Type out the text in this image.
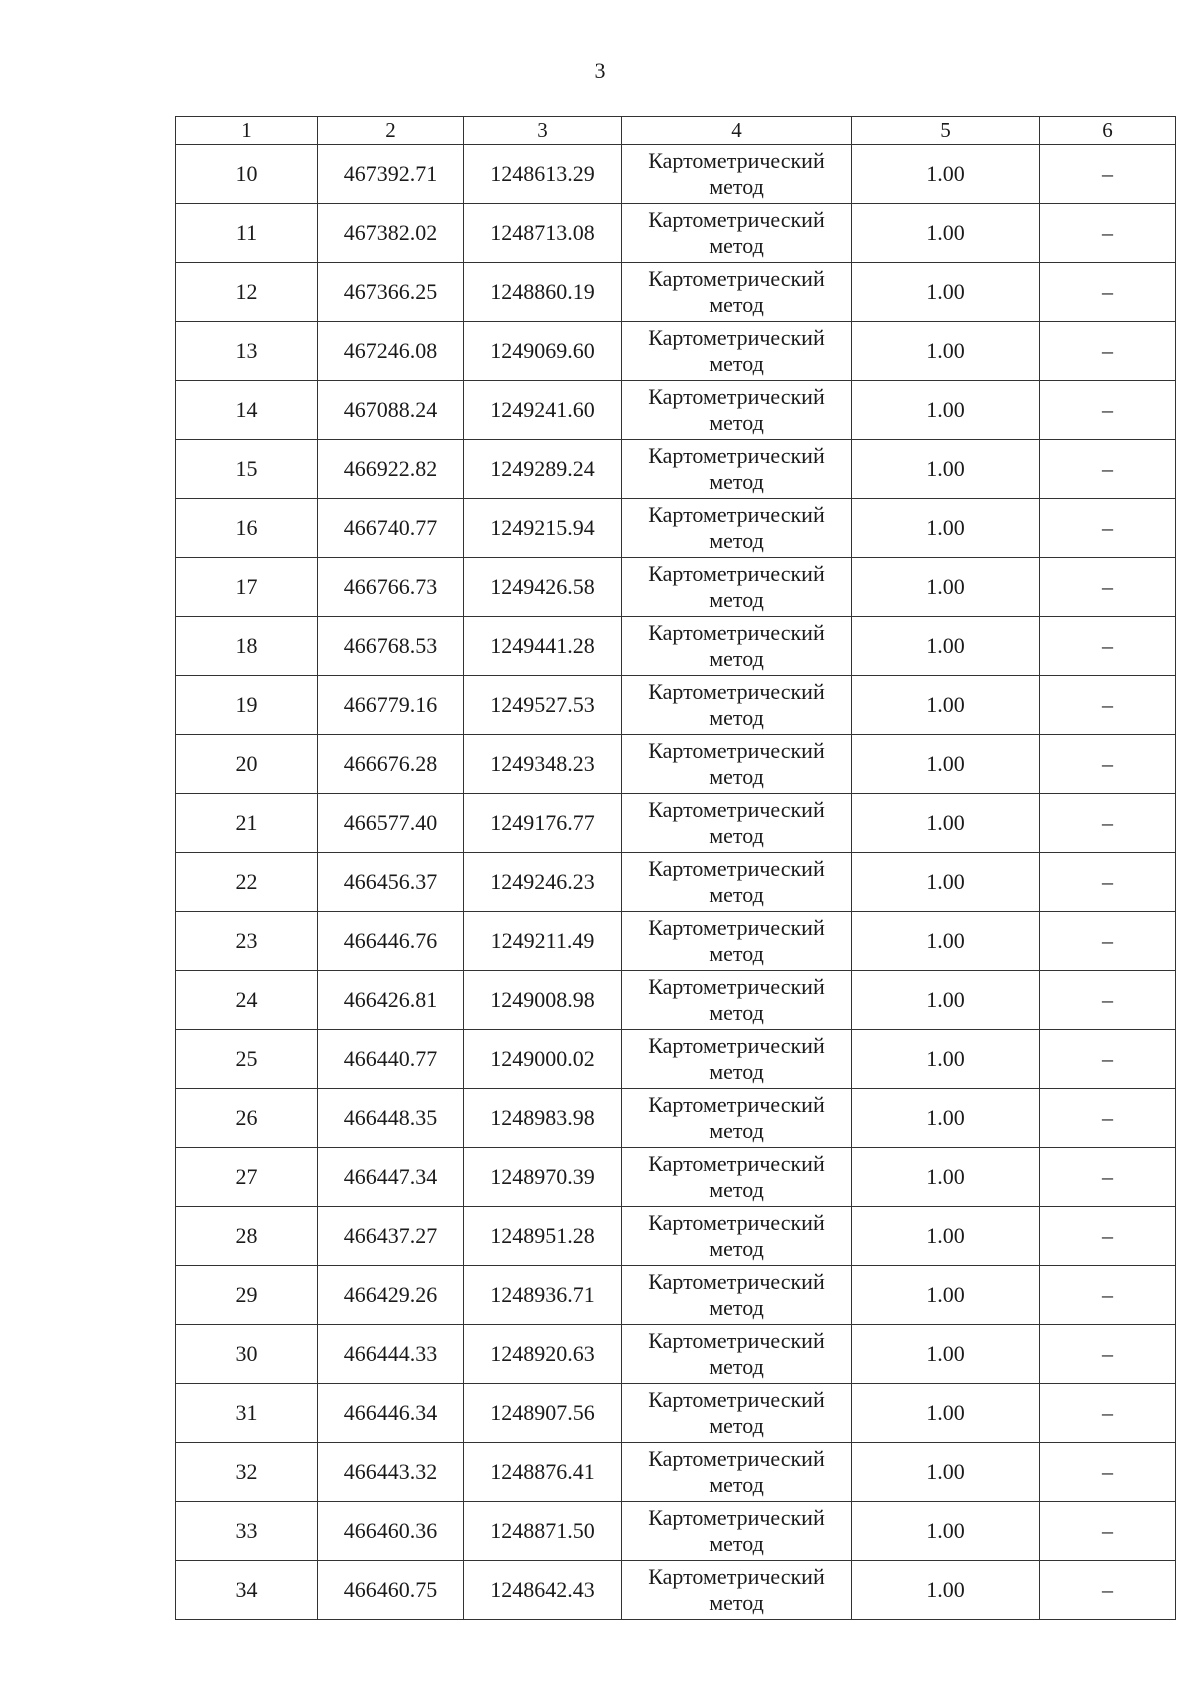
3
1	2	3	4	5	6
10	467392.71	1248613.29	Картометрический
метод	1.00	–
11	467382.02	1248713.08	Картометрический
метод	1.00	–
12	467366.25	1248860.19	Картометрический
метод	1.00	–
13	467246.08	1249069.60	Картометрический
метод	1.00	–
14	467088.24	1249241.60	Картометрический
метод	1.00	–
15	466922.82	1249289.24	Картометрический
метод	1.00	–
16	466740.77	1249215.94	Картометрический
метод	1.00	–
17	466766.73	1249426.58	Картометрический
метод	1.00	–
18	466768.53	1249441.28	Картометрический
метод	1.00	–
19	466779.16	1249527.53	Картометрический
метод	1.00	–
20	466676.28	1249348.23	Картометрический
метод	1.00	–
21	466577.40	1249176.77	Картометрический
метод	1.00	–
22	466456.37	1249246.23	Картометрический
метод	1.00	–
23	466446.76	1249211.49	Картометрический
метод	1.00	–
24	466426.81	1249008.98	Картометрический
метод	1.00	–
25	466440.77	1249000.02	Картометрический
метод	1.00	–
26	466448.35	1248983.98	Картометрический
метод	1.00	–
27	466447.34	1248970.39	Картометрический
метод	1.00	–
28	466437.27	1248951.28	Картометрический
метод	1.00	–
29	466429.26	1248936.71	Картометрический
метод	1.00	–
30	466444.33	1248920.63	Картометрический
метод	1.00	–
31	466446.34	1248907.56	Картометрический
метод	1.00	–
32	466443.32	1248876.41	Картометрический
метод	1.00	–
33	466460.36	1248871.50	Картометрический
метод	1.00	–
34	466460.75	1248642.43	Картометрический
метод	1.00	–
